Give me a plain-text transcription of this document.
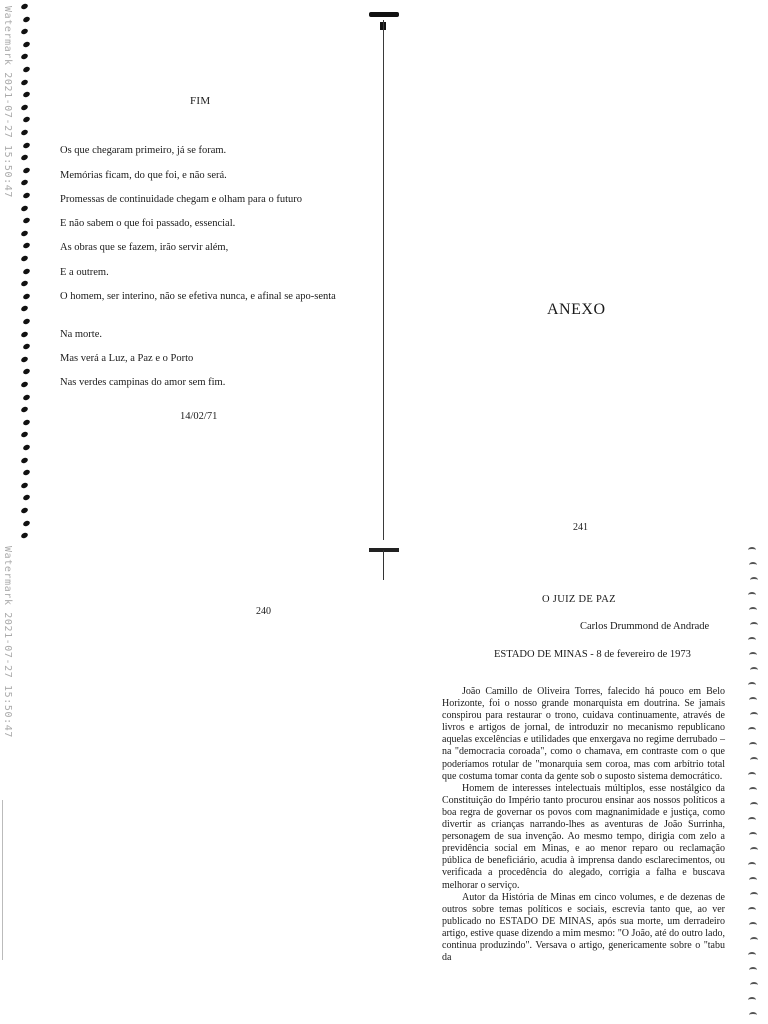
Watermark 2021-07-27 15:50:47
Watermark 2021-07-27 15:50:47
FIM
Os que chegaram primeiro, já se foram.
Memórias ficam, do que foi, e não será.
Promessas de continuidade chegam e olham para o futuro
E não sabem o que foi passado, essencial.
As obras que se fazem, irão servir além,
E a outrem.
O homem, ser interino, não se efetiva nunca, e afinal se apo-senta
Na morte.
Mas verá a Luz, a Paz e o Porto
Nas verdes campinas do amor sem fim.
14/02/71
240
ANEXO
241
O JUIZ DE PAZ
Carlos Drummond de Andrade
ESTADO DE MINAS - 8 de fevereiro de 1973

João Camillo de Oliveira Torres, falecido há pouco em Belo Horizonte, foi o nosso grande monarquista em doutrina. Se jamais conspirou para restaurar o trono, cuidava continuamente, através de livros e artigos de jornal, de introduzir no mecanismo republicano aquelas excelências e utilidades que enxergava no regime derrubado – na "democracia coroada", como o chamava, em contraste com o que poderíamos rotular de "monarquia sem coroa, mas com arbítrio total que costuma tomar conta da gente sob o suposto sistema democrático.

Homem de interesses intelectuais múltiplos, esse nostálgico da Constituição do Império tanto procurou ensinar aos nossos políticos a boa regra de governar os povos com magnanimidade e justiça, como divertir as crianças narrando-lhes as aventuras de João Surrinha, personagem de sua invenção. Ao mesmo tempo, dirigia com zelo a previdência social em Minas, e ao menor reparo ou reclamação pública de beneficiário, acudia à imprensa dando esclarecimentos, ou verificada a procedência do alegado, corrigia a falha e buscava melhorar o serviço.

Autor da História de Minas em cinco volumes, e de dezenas de outros sobre temas políticos e sociais, escrevia tanto que, ao ver publicado no ESTADO DE MINAS, após sua morte, um derradeiro artigo, estive quase dizendo a mim mesmo: "O João, até do outro lado, continua produzindo". Versava o artigo, genericamente sobre o "tabu da
